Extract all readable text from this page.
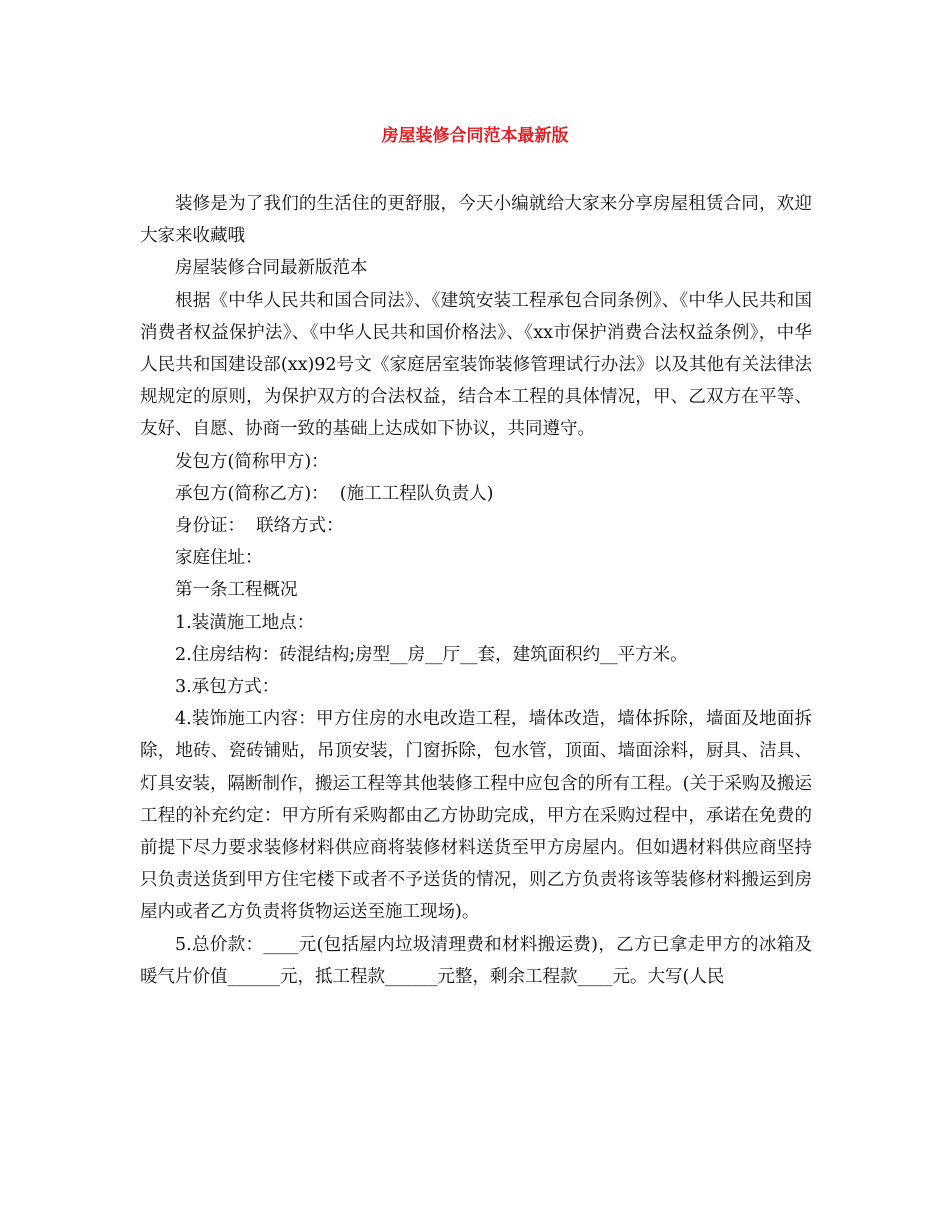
房屋装修合同范本最新版

装修是为了我们的生活住的更舒服，今天小编就给大家来分享房屋租赁合同，欢迎大家来收藏哦

房屋装修合同最新版范本

根据《中华人民共和国合同法》、《建筑安装工程承包合同条例》、《中华人民共和国消费者权益保护法》、《中华人民共和国价格法》、《xx市保护消费合法权益条例》，中华人民共和国建设部(xx)92号文《家庭居室装饰装修管理试行办法》以及其他有关法律法规规定的原则，为保护双方的合法权益，结合本工程的具体情况，甲、乙双方在平等、友好、自愿、协商一致的基础上达成如下协议，共同遵守。

发包方(简称甲方)：

承包方(简称乙方)：  (施工工程队负责人)

身份证：  联络方式：

家庭住址：

第一条工程概况

1.装潢施工地点：

2.住房结构：砖混结构;房型__房__厅__套，建筑面积约__平方米。

3.承包方式：

4.装饰施工内容：甲方住房的水电改造工程，墙体改造，墙体拆除，墙面及地面拆除，地砖、瓷砖铺贴，吊顶安装，门窗拆除，包水管，顶面、墙面涂料，厨具、洁具、灯具安装，隔断制作，搬运工程等其他装修工程中应包含的所有工程。(关于采购及搬运工程的补充约定：甲方所有采购都由乙方协助完成，甲方在采购过程中，承诺在免费的前提下尽力要求装修材料供应商将装修材料送货至甲方房屋内。但如遇材料供应商坚持只负责送货到甲方住宅楼下或者不予送货的情况，则乙方负责将该等装修材料搬运到房屋内或者乙方负责将货物运送至施工现场)。

5.总价款：____元(包括屋内垃圾清理费和材料搬运费)，乙方已拿走甲方的冰箱及暖气片价值______元，抵工程款______元整，剩余工程款____元。大写(人民
